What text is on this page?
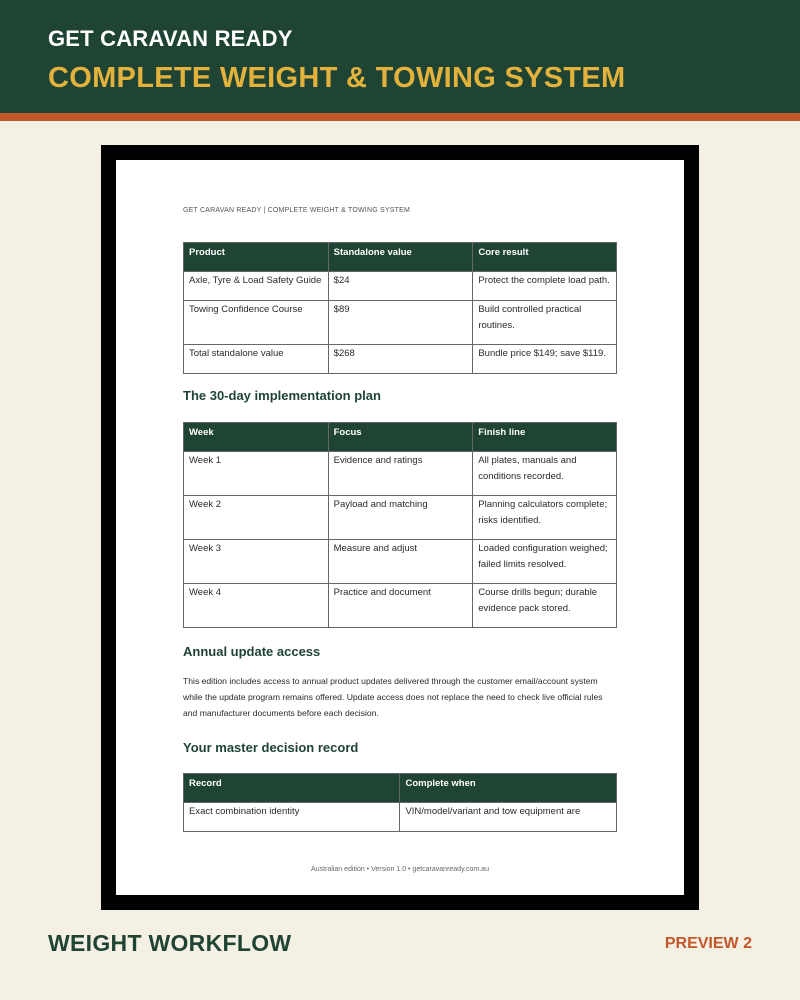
GET CARAVAN READY
COMPLETE WEIGHT & TOWING SYSTEM
GET CARAVAN READY | COMPLETE WEIGHT & TOWING SYSTEM
Product	Standalone value	Core result
Axle, Tyre & Load Safety Guide	$24	Protect the complete load path.
Towing Confidence Course	$89	Build controlled practical routines.
Total standalone value	$268	Bundle price $149; save $119.
The 30-day implementation plan
Week	Focus	Finish line
Week 1	Evidence and ratings	All plates, manuals and conditions recorded.
Week 2	Payload and matching	Planning calculators complete; risks identified.
Week 3	Measure and adjust	Loaded configuration weighed; failed limits resolved.
Week 4	Practice and document	Course drills begun; durable evidence pack stored.
Annual update access

This edition includes access to annual product updates delivered through the customer email/account system while the update program remains offered. Update access does not replace the need to check live official rules and manufacturer documents before each decision.

Your master decision record
Record	Complete when
Exact combination identity	VIN/model/variant and tow equipment are
Australian edition • Version 1.0 • getcaravanready.com.au
WEIGHT WORKFLOW	PREVIEW 2
